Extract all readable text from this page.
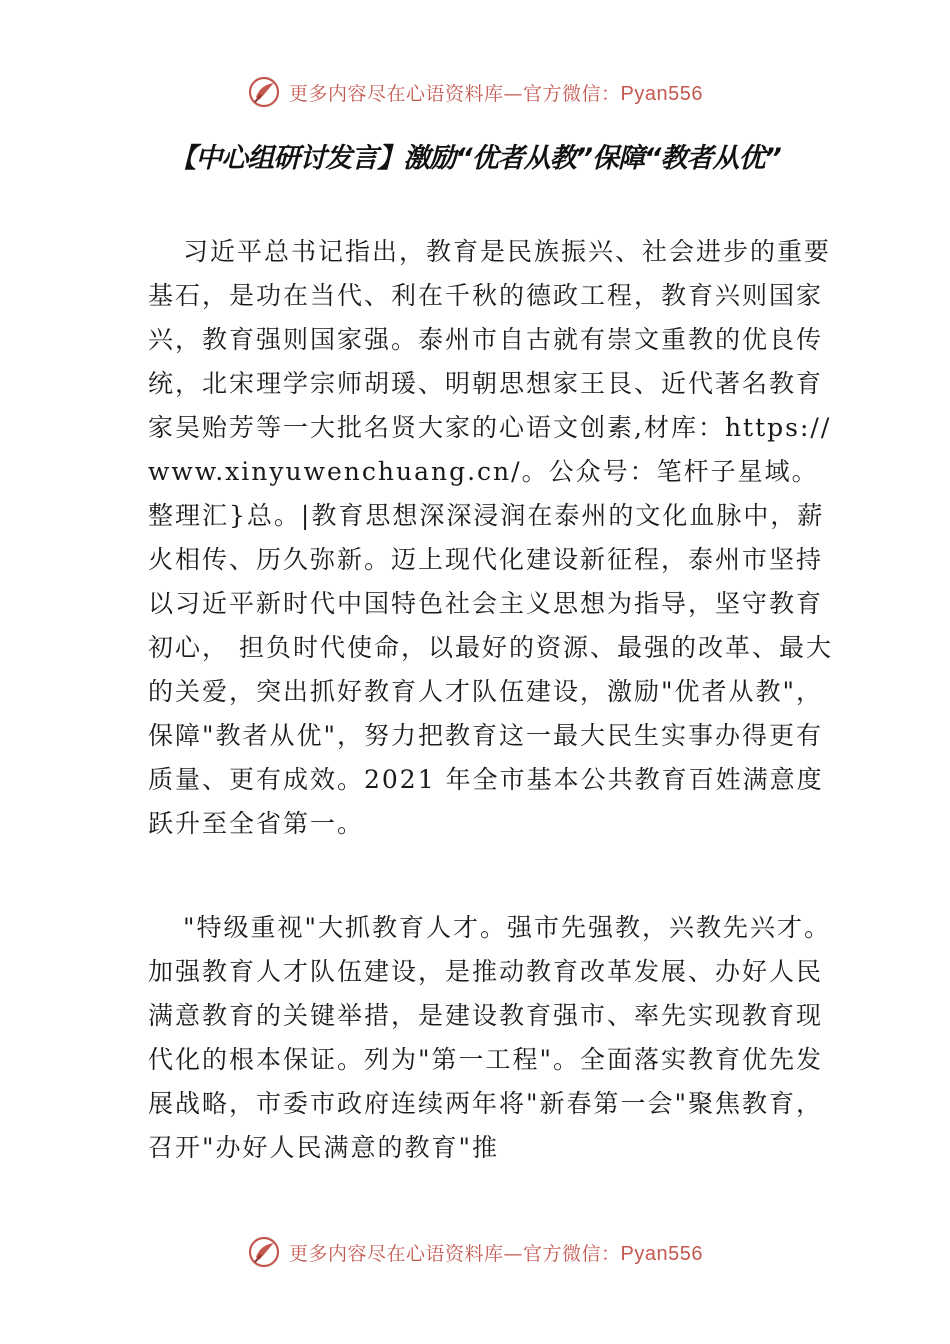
更多内容尽在心语资料库—官方微信：Pyan556
【中心组研讨发言】激励“优者从教”保障“教者从优”

习近平总书记指出，教育是民族振兴、社会进步的重要基石，是功在当代、利在千秋的德政工程，教育兴则国家兴，教育强则国家强。泰州市自古就有崇文重教的优良传统，北宋理学宗师胡瑗、明朝思想家王艮、近代著名教育家吴贻芳等一大批名贤大家的心语文创素,材库：https://www.xinyuwenchuang.cn/。公众号：笔杆子星域。整理汇}总。|教育思想深深浸润在泰州的文化血脉中，薪火相传、历久弥新。迈上现代化建设新征程，泰州市坚持以习近平新时代中国特色社会主义思想为指导，坚守教育初心， 担负时代使命，以最好的资源、最强的改革、最大的关爱，突出抓好教育人才队伍建设，激励"优者从教"， 保障"教者从优"，努力把教育这一最大民生实事办得更有质量、更有成效。2021 年全市基本公共教育百姓满意度跃升至全省第一。

"特级重视"大抓教育人才。强市先强教，兴教先兴才。加强教育人才队伍建设，是推动教育改革发展、办好人民满意教育的关键举措，是建设教育强市、率先实现教育现代化的根本保证。列为"第一工程"。全面落实教育优先发展战略，市委市政府连续两年将"新春第一会"聚焦教育，召开"办好人民满意的教育"推

更多内容尽在心语资料库—官方微信：Pyan556
